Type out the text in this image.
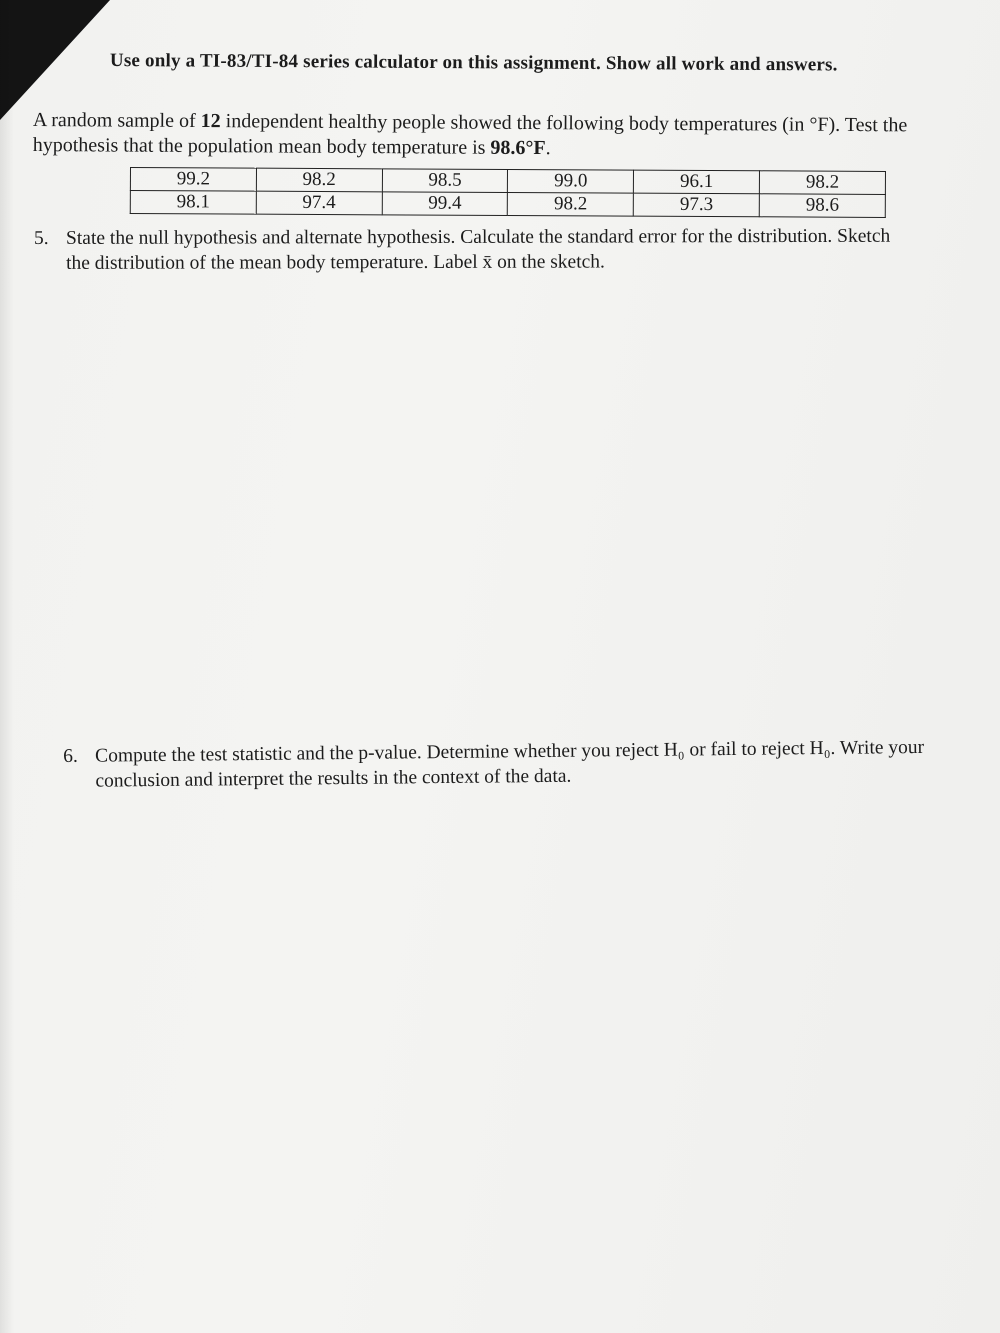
Use only a TI-83/TI-84 series calculator on this assignment. Show all work and answers.
A random sample of 12 independent healthy people showed the following body temperatures (in °F). Test the hypothesis that the population mean body temperature is 98.6°F.
99.2	98.2	98.5	99.0	96.1	98.2
98.1	97.4	99.4	98.2	97.3	98.6
5. State the null hypothesis and alternate hypothesis. Calculate the standard error for the distribution. Sketch
the distribution of the mean body temperature. Label x̄ on the sketch.
6. Compute the test statistic and the p-value. Determine whether you reject H₀ or fail to reject H₀. Write your
conclusion and interpret the results in the context of the data.
